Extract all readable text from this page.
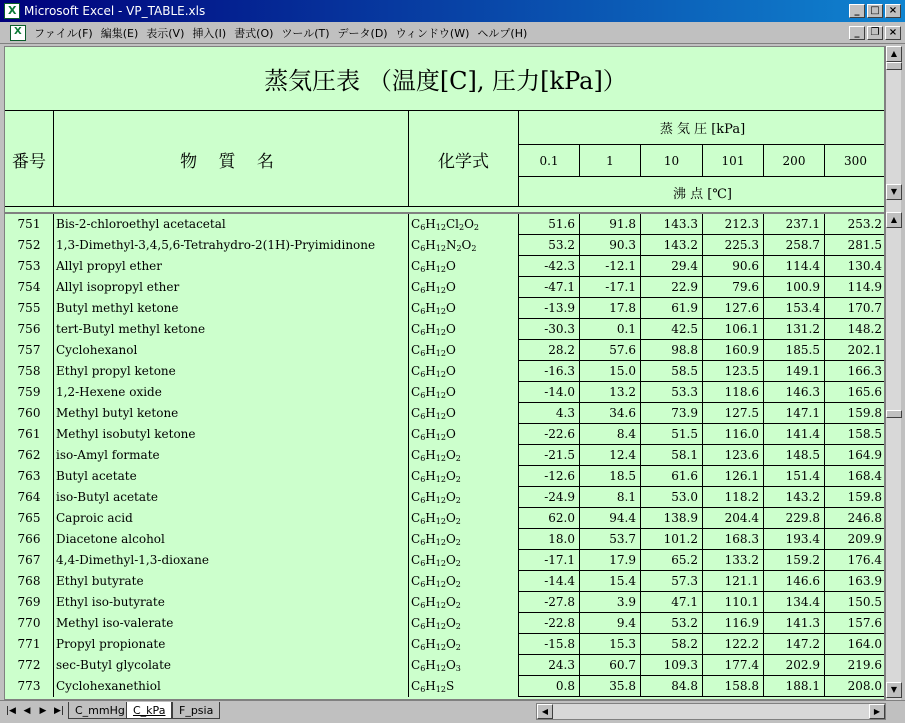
X
Microsoft Excel - VP_TABLE.xls	_	□ ×
X
ファイル(F) 編集(E) 表示(V) 挿入(I) 書式(O) ツール(T) データ(D) ウィンドウ(W) ヘルプ(H)	_	❐ ×
蒸気圧表 （温度[C], 圧力[kPa]）
番号	物 質 名	化学式
蒸 気 圧 [kPa]
0.1	1	10	101	200	300
沸 点 [℃]
751	Bis-2-chloroethyl acetacetal	$C_6H_{12}Cl_2O_2$	51.6	91.8	143.3	212.3	237.1	253.2
752	1,3-Dimethyl-3,4,5,6-Tetrahydro-2(1H)-Pryimidinone	$C_6H_{12}N_2O_2$	53.2	90.3	143.2	225.3	258.7	281.5
753	Allyl propyl ether	$C_6H_{12}O$	-42.3	-12.1	29.4	90.6	114.4	130.4
754	Allyl isopropyl ether	$C_6H_{12}O$	-47.1	-17.1	22.9	79.6	100.9	114.9
755	Butyl methyl ketone	$C_6H_{12}O$	-13.9	17.8	61.9	127.6	153.4	170.7
756	tert-Butyl methyl ketone	$C_6H_{12}O$	-30.3	0.1	42.5	106.1	131.2	148.2
757	Cyclohexanol	$C_6H_{12}O$	28.2	57.6	98.8	160.9	185.5	202.1
758	Ethyl propyl ketone	$C_6H_{12}O$	-16.3	15.0	58.5	123.5	149.1	166.3
759	1,2-Hexene oxide	$C_6H_{12}O$	-14.0	13.2	53.3	118.6	146.3	165.6
760	Methyl butyl ketone	$C_6H_{12}O$	4.3	34.6	73.9	127.5	147.1	159.8
761	Methyl isobutyl ketone	$C_6H_{12}O$	-22.6	8.4	51.5	116.0	141.4	158.5
762	iso-Amyl formate	$C_6H_{12}O_2$	-21.5	12.4	58.1	123.6	148.5	164.9
763	Butyl acetate	$C_6H_{12}O_2$	-12.6	18.5	61.6	126.1	151.4	168.4
764	iso-Butyl acetate	$C_6H_{12}O_2$	-24.9	8.1	53.0	118.2	143.2	159.8
765	Caproic acid	$C_6H_{12}O_2$	62.0	94.4	138.9	204.4	229.8	246.8
766	Diacetone alcohol	$C_6H_{12}O_2$	18.0	53.7	101.2	168.3	193.4	209.9
767	4,4-Dimethyl-1,3-dioxane	$C_6H_{12}O_2$	-17.1	17.9	65.2	133.2	159.2	176.4
768	Ethyl butyrate	$C_6H_{12}O_2$	-14.4	15.4	57.3	121.1	146.6	163.9
769	Ethyl iso-butyrate	$C_6H_{12}O_2$	-27.8	3.9	47.1	110.1	134.4	150.5
770	Methyl iso-valerate	$C_6H_{12}O_2$	-22.8	9.4	53.2	116.9	141.3	157.6
771	Propyl propionate	$C_6H_{12}O_2$	-15.8	15.3	58.2	122.2	147.2	164.0
772	sec-Butyl glycolate	$C_6H_{12}O_3$	24.3	60.7	109.3	177.4	202.9	219.6
773	Cyclohexanethiol	$C_6H_{12}S$	0.8	35.8	84.8	158.8	188.1	208.0
▲
▼
▲
▼
|◀ ◀	▶ ▶|	C_mmHg C_kPa	F_psia	◀	▶
